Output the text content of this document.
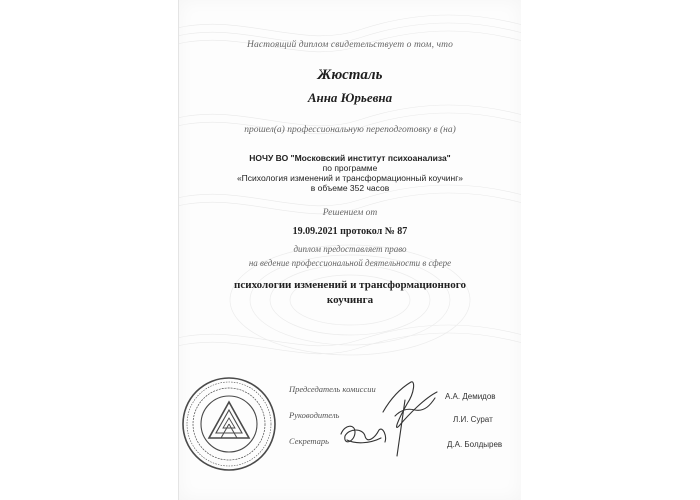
Настоящий диплом свидетельствует о том, что
Жюсталь
Анна Юрьевна
прошел(а) профессиональную переподготовку в (на)
НОЧУ ВО "Московский институт психоанализа"
по программе
«Психология изменений и трансформационный коучинг»
в объеме 352 часов
Решением от
19.09.2021 протокол № 87
диплом предоставляет право
на ведение профессиональной деятельности в сфере
психологии изменений и трансформационного
коучинга
Председатель комиссии
А.А. Демидов
Руководитель	Л.И. Сурат
Секретарь	Д.А. Болдырев
